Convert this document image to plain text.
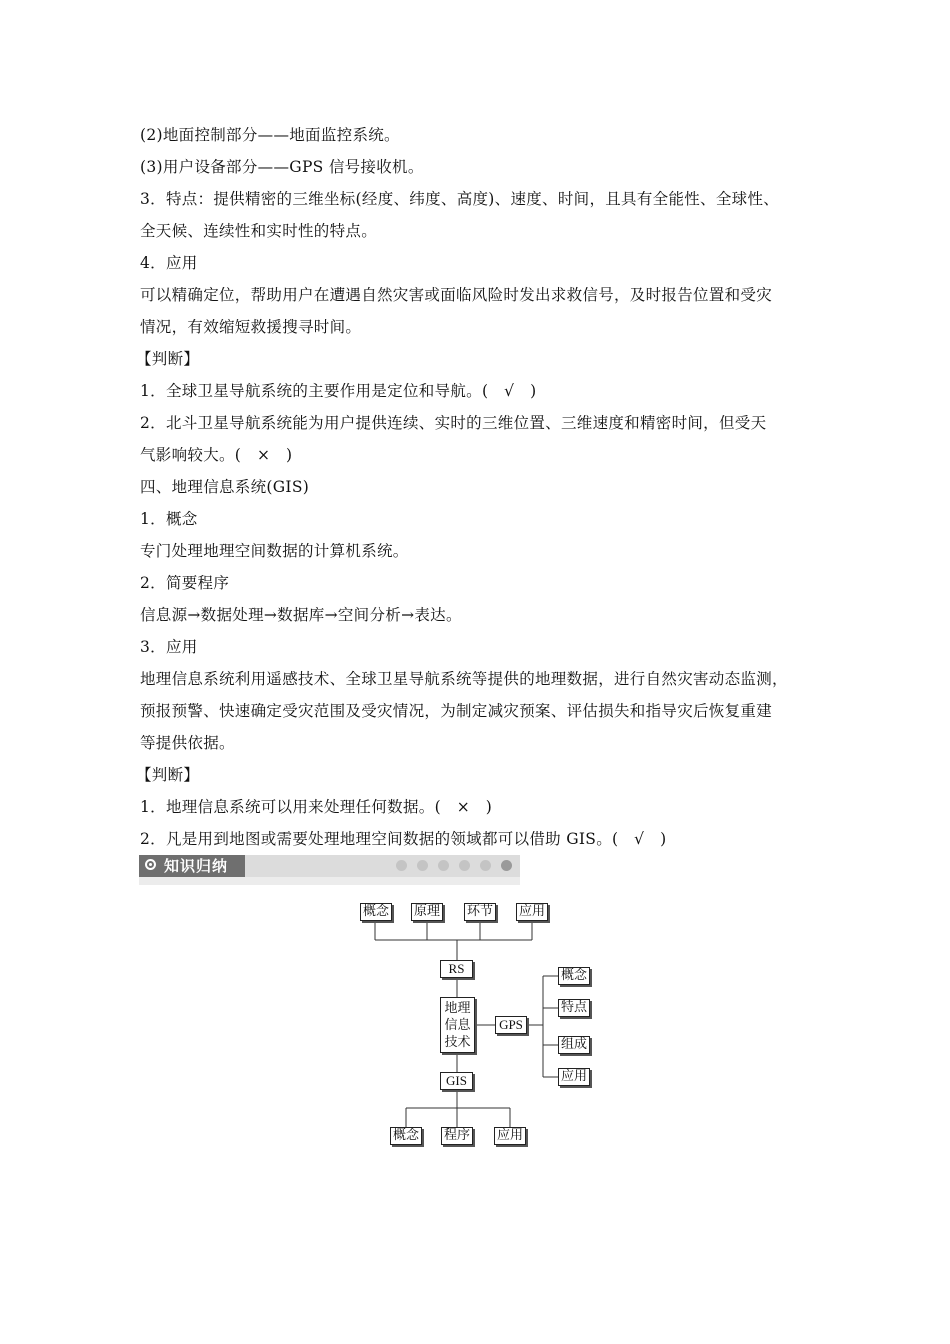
(2)地面控制部分——地面监控系统。
(3)用户设备部分——GPS 信号接收机。
3．特点：提供精密的三维坐标(经度、纬度、高度)、速度、时间，且具有全能性、全球性、
全天候、连续性和实时性的特点。
4．应用
可以精确定位，帮助用户在遭遇自然灾害或面临风险时发出求救信号，及时报告位置和受灾
情况，有效缩短救援搜寻时间。
【判断】
1．全球卫星导航系统的主要作用是定位和导航。(　√　)
2．北斗卫星导航系统能为用户提供连续、实时的三维位置、三维速度和精密时间，但受天
气影响较大。(　×　)
四、地理信息系统(GIS)
1．概念
专门处理地理空间数据的计算机系统。
2．简要程序
信息源→数据处理→数据库→空间分析→表达。
3．应用
地理信息系统利用遥感技术、全球卫星导航系统等提供的地理数据，进行自然灾害动态监测，
预报预警、快速确定受灾范围及受灾情况，为制定减灾预案、评估损失和指导灾后恢复重建
等提供依据。
【判断】
1．地理信息系统可以用来处理任何数据。(　×　)
2．凡是用到地图或需要处理地理空间数据的领域都可以借助 GIS。(　√　)
知识归纳
概念 原理 环节 应用
RS
地理
信息
技术
GPS
概念
特点
组成
应用
GIS
概念 程序 应用
